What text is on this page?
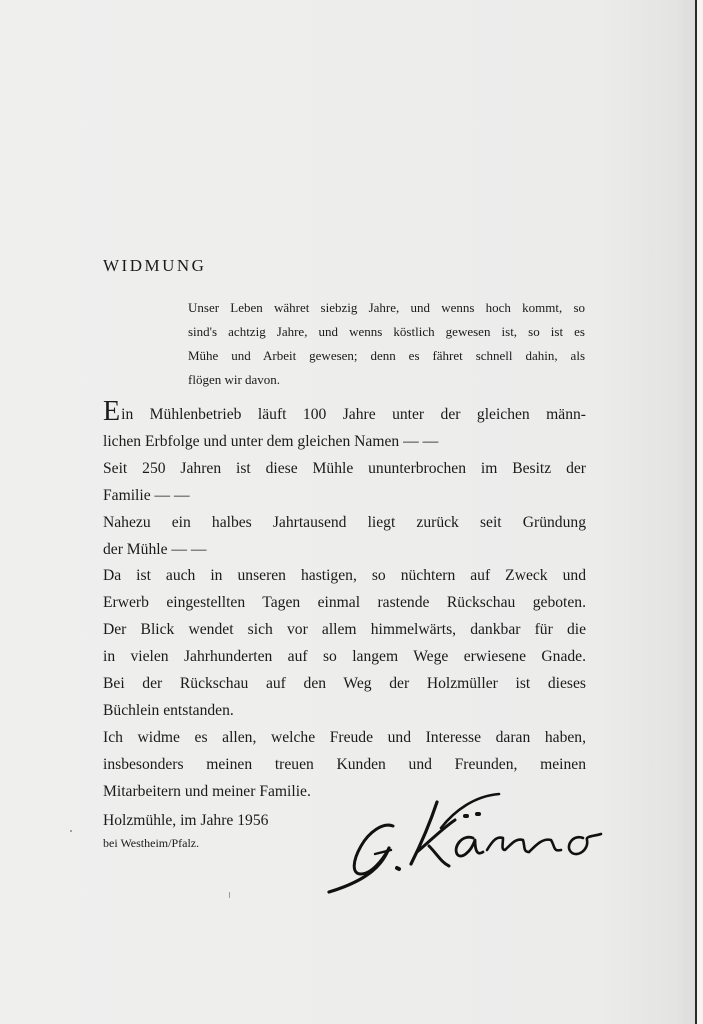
WIDMUNG
Unser Leben währet siebzig Jahre, und wenns hoch kommt, so
sind's achtzig Jahre, und wenns köstlich gewesen ist, so ist es
Mühe und Arbeit gewesen; denn es fähret schnell dahin, als
flögen wir davon.
Ein Mühlenbetrieb läuft 100 Jahre unter der gleichen männ-
lichen Erbfolge und unter dem gleichen Namen — —
Seit 250 Jahren ist diese Mühle ununterbrochen im Besitz der
Familie — —
Nahezu ein halbes Jahrtausend liegt zurück seit Gründung
der Mühle — —
Da ist auch in unseren hastigen, so nüchtern auf Zweck und
Erwerb eingestellten Tagen einmal rastende Rückschau geboten.
Der Blick wendet sich vor allem himmelwärts, dankbar für die
in vielen Jahrhunderten auf so langem Wege erwiesene Gnade.
Bei der Rückschau auf den Weg der Holzmüller ist dieses
Büchlein entstanden.
Ich widme es allen, welche Freude und Interesse daran haben,
insbesonders meinen treuen Kunden und Freunden, meinen
Mitarbeitern und meiner Familie.

Holzmühle, im Jahre 1956

bei Westheim/Pfalz.
